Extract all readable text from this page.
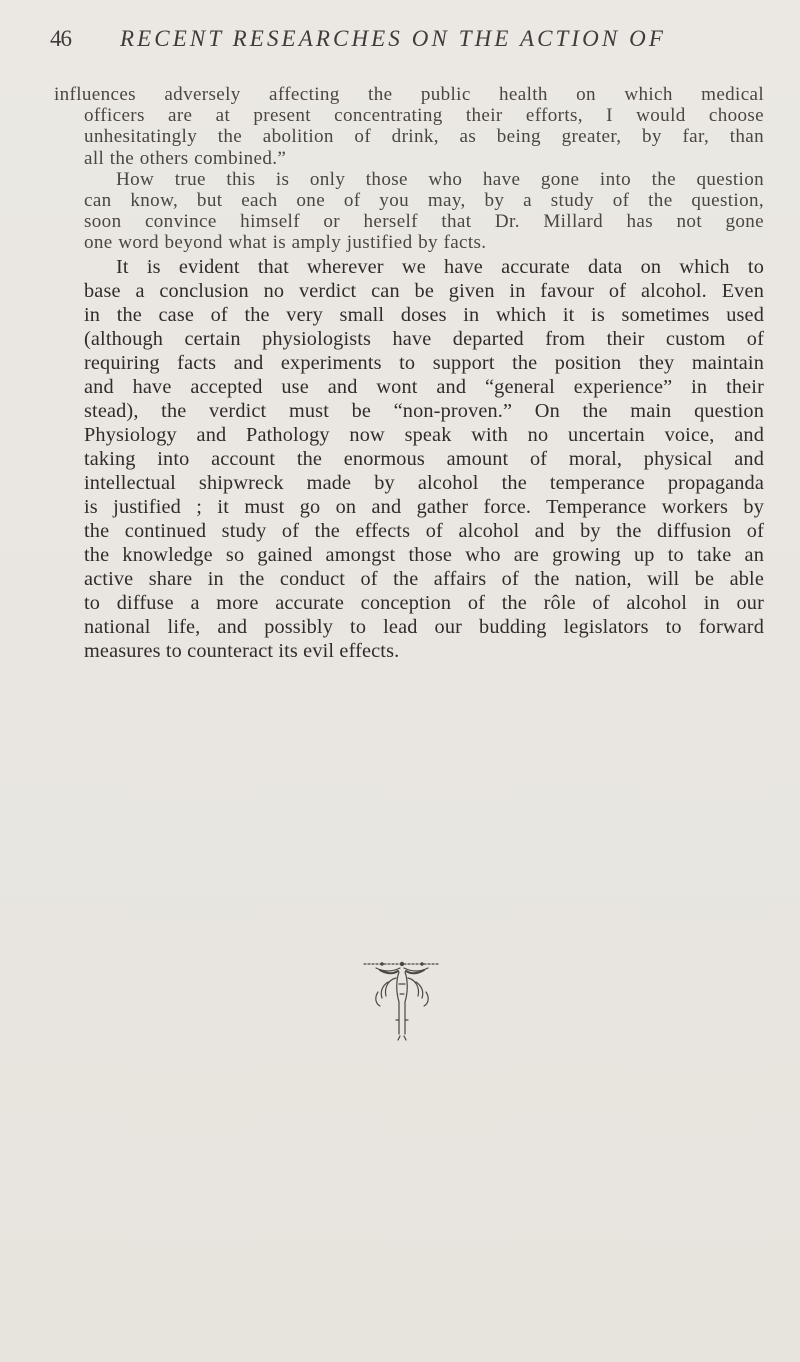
46 RECENT RESEARCHES ON THE ACTION OF

influences adversely affecting the public health on which medical
officers are at present concentrating their efforts, I would choose
unhesitatingly the abolition of drink, as being greater, by far, than
all the others combined.”

How true this is only those who have gone into the question
can know, but each one of you may, by a study of the question,
soon convince himself or herself that Dr. Millard has not gone
one word beyond what is amply justified by facts.

It is evident that wherever we have accurate data on which to
base a conclusion no verdict can be given in favour of alcohol. Even
in the case of the very small doses in which it is sometimes used
(although certain physiologists have departed from their custom of
requiring facts and experiments to support the position they maintain
and have accepted use and wont and “general experience” in their
stead), the verdict must be “non-proven.” On the main question
Physiology and Pathology now speak with no uncertain voice, and
taking into account the enormous amount of moral, physical and
intellectual shipwreck made by alcohol the temperance propaganda
is justified ; it must go on and gather force. Temperance workers by
the continued study of the effects of alcohol and by the diffusion of
the knowledge so gained amongst those who are growing up to take an
active share in the conduct of the affairs of the nation, will be able
to diffuse a more accurate conception of the rôle of alcohol in our
national life, and possibly to lead our budding legislators to forward
measures to counteract its evil effects.
